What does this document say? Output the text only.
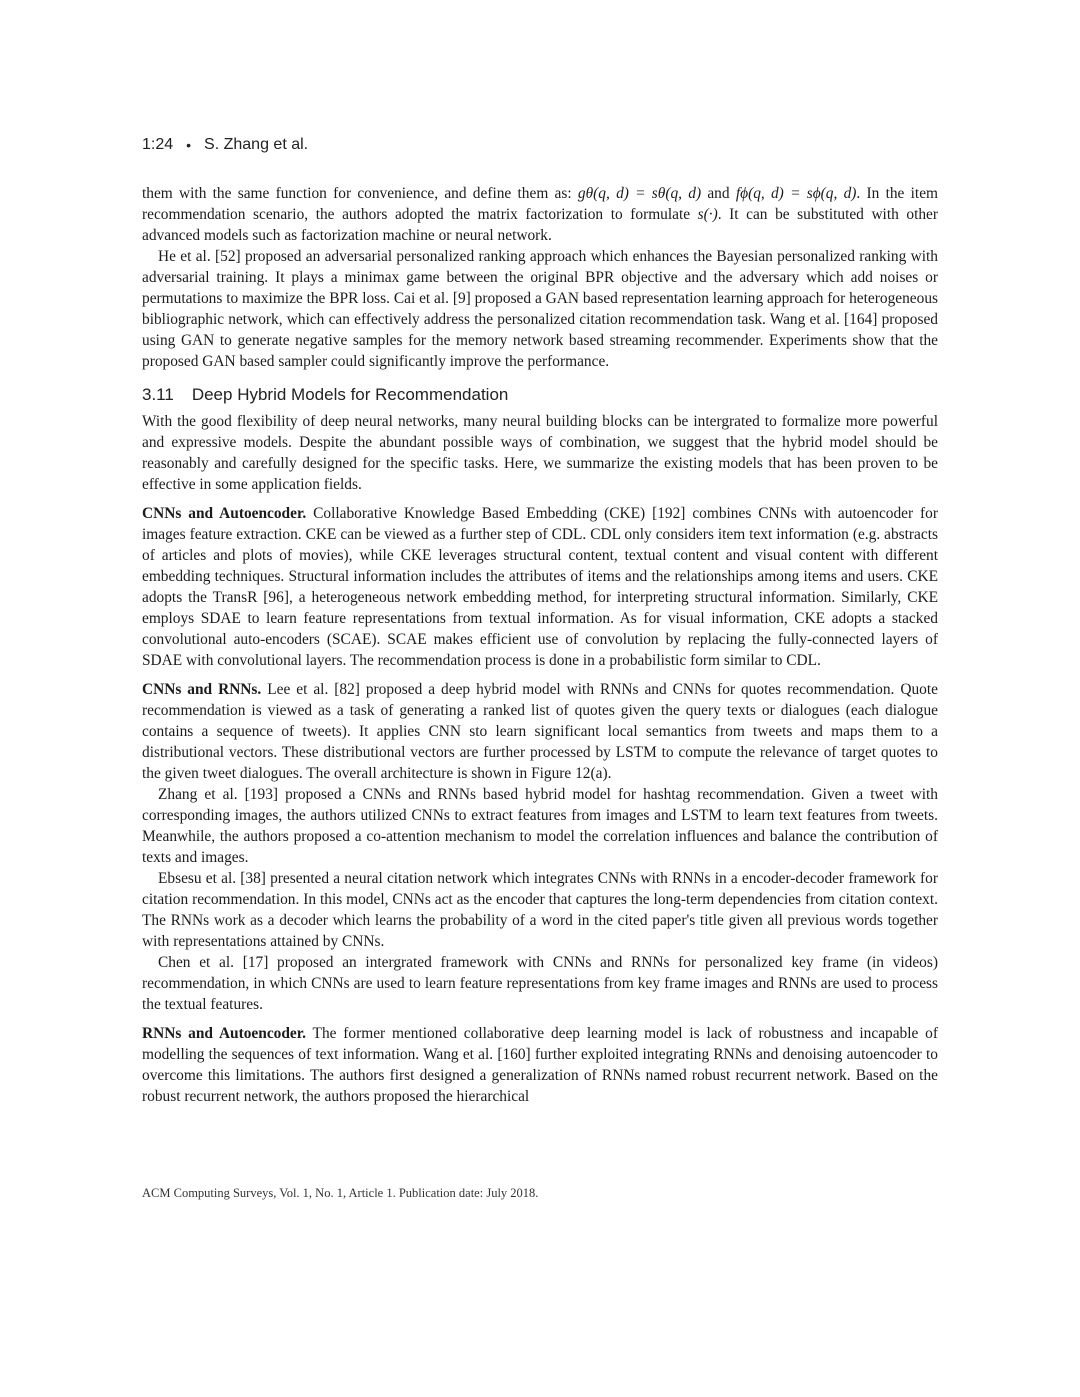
1:24 • S. Zhang et al.

them with the same function for convenience, and define them as: gθ(q, d) = sθ(q, d) and fϕ(q, d) = sϕ(q, d). In the item recommendation scenario, the authors adopted the matrix factorization to formulate s(·). It can be substituted with other advanced models such as factorization machine or neural network.

He et al. [52] proposed an adversarial personalized ranking approach which enhances the Bayesian personalized ranking with adversarial training. It plays a minimax game between the original BPR objective and the adversary which add noises or permutations to maximize the BPR loss. Cai et al. [9] proposed a GAN based representation learning approach for heterogeneous bibliographic network, which can effectively address the personalized citation recommendation task. Wang et al. [164] proposed using GAN to generate negative samples for the memory network based streaming recommender. Experiments show that the proposed GAN based sampler could significantly improve the performance.

3.11 Deep Hybrid Models for Recommendation

With the good flexibility of deep neural networks, many neural building blocks can be intergrated to formalize more powerful and expressive models. Despite the abundant possible ways of combination, we suggest that the hybrid model should be reasonably and carefully designed for the specific tasks. Here, we summarize the existing models that has been proven to be effective in some application fields.

CNNs and Autoencoder. Collaborative Knowledge Based Embedding (CKE) [192] combines CNNs with autoencoder for images feature extraction. CKE can be viewed as a further step of CDL. CDL only considers item text information (e.g. abstracts of articles and plots of movies), while CKE leverages structural content, textual content and visual content with different embedding techniques. Structural information includes the attributes of items and the relationships among items and users. CKE adopts the TransR [96], a heterogeneous network embedding method, for interpreting structural information. Similarly, CKE employs SDAE to learn feature representations from textual information. As for visual information, CKE adopts a stacked convolutional auto-encoders (SCAE). SCAE makes efficient use of convolution by replacing the fully-connected layers of SDAE with convolutional layers. The recommendation process is done in a probabilistic form similar to CDL.

CNNs and RNNs. Lee et al. [82] proposed a deep hybrid model with RNNs and CNNs for quotes recommendation. Quote recommendation is viewed as a task of generating a ranked list of quotes given the query texts or dialogues (each dialogue contains a sequence of tweets). It applies CNN sto learn significant local semantics from tweets and maps them to a distributional vectors. These distributional vectors are further processed by LSTM to compute the relevance of target quotes to the given tweet dialogues. The overall architecture is shown in Figure 12(a).

Zhang et al. [193] proposed a CNNs and RNNs based hybrid model for hashtag recommendation. Given a tweet with corresponding images, the authors utilized CNNs to extract features from images and LSTM to learn text features from tweets. Meanwhile, the authors proposed a co-attention mechanism to model the correlation influences and balance the contribution of texts and images.

Ebsesu et al. [38] presented a neural citation network which integrates CNNs with RNNs in a encoder-decoder framework for citation recommendation. In this model, CNNs act as the encoder that captures the long-term dependencies from citation context. The RNNs work as a decoder which learns the probability of a word in the cited paper's title given all previous words together with representations attained by CNNs.

Chen et al. [17] proposed an intergrated framework with CNNs and RNNs for personalized key frame (in videos) recommendation, in which CNNs are used to learn feature representations from key frame images and RNNs are used to process the textual features.

RNNs and Autoencoder. The former mentioned collaborative deep learning model is lack of robustness and incapable of modelling the sequences of text information. Wang et al. [160] further exploited integrating RNNs and denoising autoencoder to overcome this limitations. The authors first designed a generalization of RNNs named robust recurrent network. Based on the robust recurrent network, the authors proposed the hierarchical

ACM Computing Surveys, Vol. 1, No. 1, Article 1. Publication date: July 2018.
